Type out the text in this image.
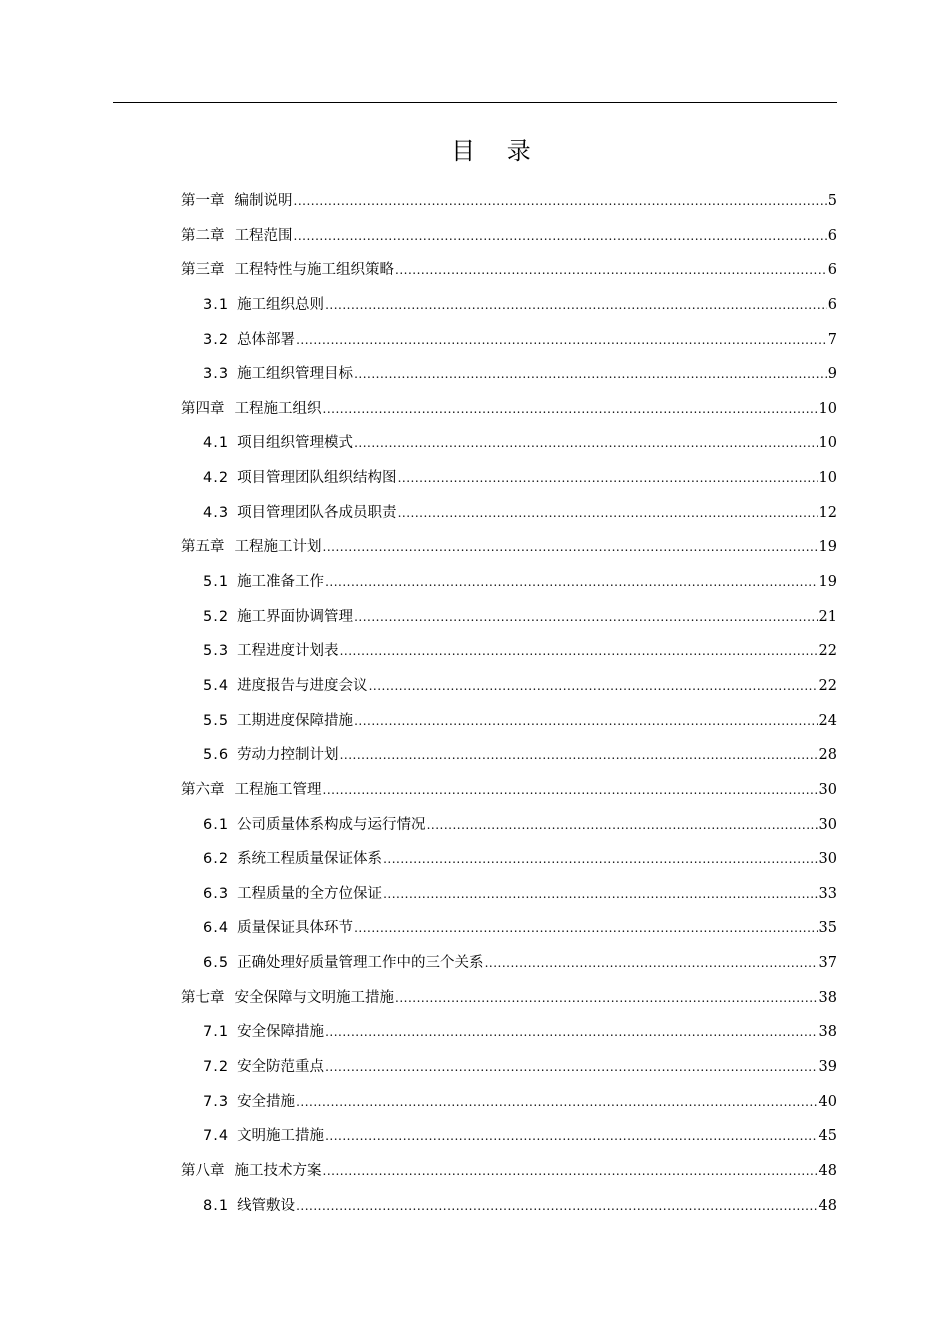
目 录
第一章 编制说明 .....	5
第二章 工程范围 .....	6
第三章 工程特性与施工组织策略 .....	6
3.1 施工组织总则 .....	6
3.2 总体部署 .....	7
3.3 施工组织管理目标 .....	9
第四章 工程施工组织 .....	10
4.1 项目组织管理模式 .....	10
4.2 项目管理团队组织结构图 .....	10
4.3 项目管理团队各成员职责 .....	12
第五章 工程施工计划 .....	19
5.1 施工准备工作 .....	19
5.2 施工界面协调管理 .....	21
5.3 工程进度计划表 .....	22
5.4 进度报告与进度会议 .....	22
5.5 工期进度保障措施 .....	24
5.6 劳动力控制计划 .....	28
第六章 工程施工管理 .....	30
6.1 公司质量体系构成与运行情况 .....	30
6.2 系统工程质量保证体系 .....	30
6.3 工程质量的全方位保证 .....	33
6.4 质量保证具体环节 .....	35
6.5 正确处理好质量管理工作中的三个关系 .....	37
第七章 安全保障与文明施工措施 .....	38
7.1 安全保障措施 .....	38
7.2 安全防范重点 .....	39
7.3 安全措施 .....	40
7.4 文明施工措施 .....	45
第八章 施工技术方案 .....	48
8.1 线管敷设 .....	48
